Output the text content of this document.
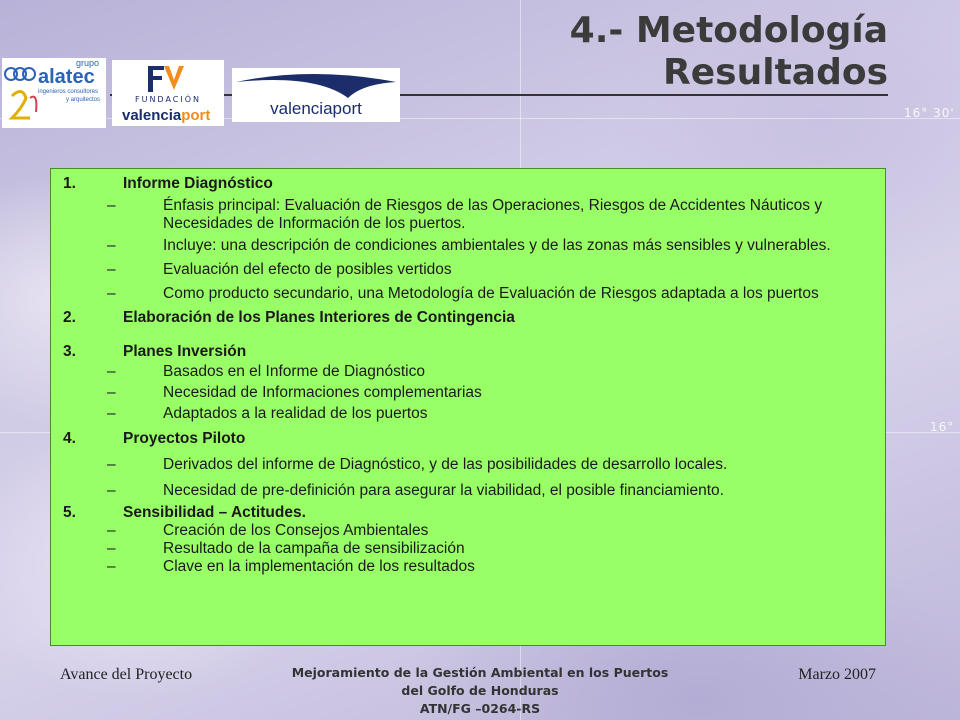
16° 30'
16°
4.- Metodología
Resultados
grupo
alatec
ingenieros consultores
y arquitectos	FUNDACIÓN
valenciaport	valenciaport
1.	Informe Diagnóstico
–	Énfasis principal: Evaluación de Riesgos de las Operaciones, Riesgos de Accidentes Náuticos y Necesidades de Información de los puertos.
–	Incluye: una descripción de condiciones ambientales y de las zonas más sensibles y vulnerables.
–	Evaluación del efecto de posibles vertidos
–	Como producto secundario, una Metodología de Evaluación de Riesgos adaptada a los puertos
2.	Elaboración de los Planes Interiores de Contingencia
3.	Planes Inversión
–	Basados en el Informe de Diagnóstico
–	Necesidad de Informaciones complementarias
–	Adaptados a la realidad de los puertos
4.	Proyectos Piloto
–	Derivados del informe de Diagnóstico, y de las posibilidades de desarrollo locales.
–	Necesidad de pre-definición para asegurar la viabilidad, el posible financiamiento.
5.	Sensibilidad – Actitudes.
–	Creación de los Consejos Ambientales
–	Resultado de la campaña de sensibilización
–	Clave en la implementación de los resultados
Avance del Proyecto	Mejoramiento de la Gestión Ambiental en los Puertos
del Golfo de Honduras
ATN/FG –0264-RS
Marzo 2007
